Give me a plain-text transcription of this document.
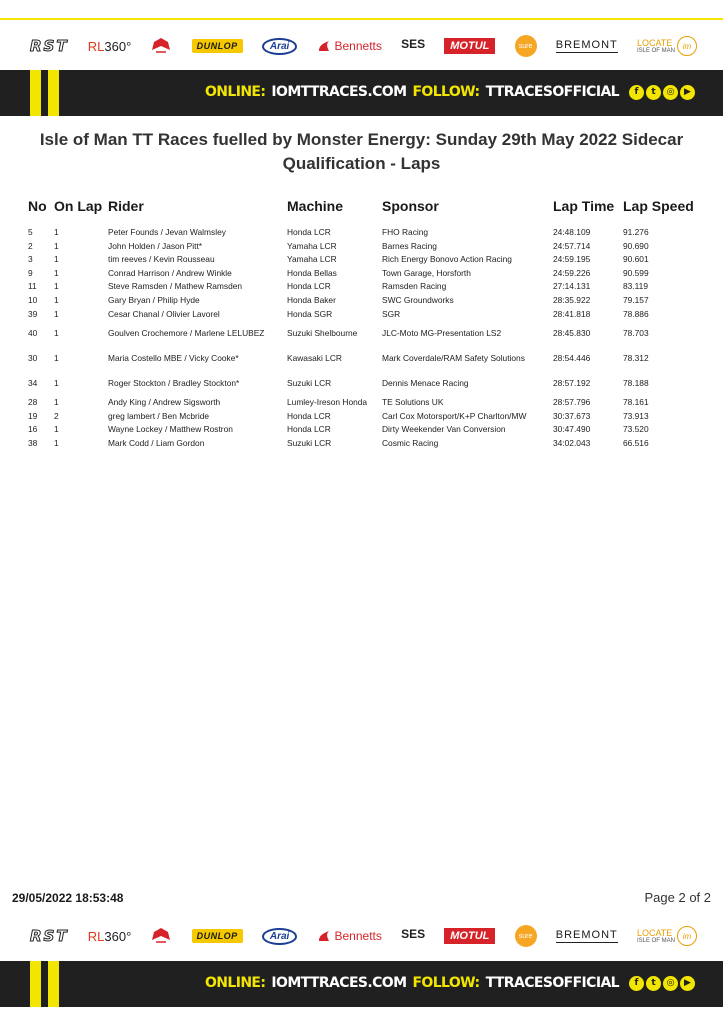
RST RL 360°	DUNLOP	Arai	Bennetts SES
	MOTUL	sure	BREMONT LOCATE
ISLE OF MAN im
ONLINE: IOMTTRACES.COM FOLLOW: TTRACESOFFICIAL	f	t	◎	▶
Isle of Man TT Races fuelled by Monster Energy: Sunday 29th May 2022 Sidecar
Qualification - Laps
No	On Lap	Rider	Machine	Sponsor	Lap Time	Lap Speed
5	1	Peter Founds / Jevan Walmsley	Honda LCR	FHO Racing	24:48.109	91.276
2	1	John Holden / Jason Pitt*	Yamaha LCR	Barnes Racing	24:57.714	90.690
3	1	tim reeves / Kevin Rousseau	Yamaha LCR	Rich Energy Bonovo Action Racing	24:59.195	90.601
9	1	Conrad Harrison / Andrew Winkle	Honda Bellas	Town Garage, Horsforth	24:59.226	90.599
11	1	Steve Ramsden / Mathew Ramsden	Honda LCR	Ramsden Racing	27:14.131	83.119
10	1	Gary Bryan / Philip Hyde	Honda Baker	SWC Groundworks	28:35.922	79.157
39	1	Cesar Chanal / Olivier Lavorel	Honda SGR	SGR	28:41.818	78.886
40	1	Goulven Crochemore / Marlene LELUBEZ	Suzuki Shelbourne	JLC-Moto MG-Presentation LS2	28:45.830	78.703
30	1	Maria Costello MBE / Vicky Cooke*	Kawasaki LCR	Mark Coverdale/RAM Safety Solutions	28:54.446	78.312
34	1	Roger Stockton / Bradley Stockton*	Suzuki LCR	Dennis Menace Racing	28:57.192	78.188
28	1	Andy King / Andrew Sigsworth	Lumley-Ireson Honda	TE Solutions UK	28:57.796	78.161
19	2	greg lambert / Ben Mcbride	Honda LCR	Carl Cox Motorsport/K+P Charlton/MW	30:37.673	73.913
16	1	Wayne Lockey / Matthew Rostron	Honda LCR	Dirty Weekender Van Conversion	30:47.490	73.520
38	1	Mark Codd / Liam Gordon	Suzuki LCR	Cosmic Racing	34:02.043	66.516
29/05/2022 18:53:48	Page 2 of 2
RST RL 360°	DUNLOP	Arai	Bennetts SES
	MOTUL	sure	BREMONT LOCATE
ISLE OF MAN im
ONLINE: IOMTTRACES.COM FOLLOW: TTRACESOFFICIAL	f	t	◎	▶
